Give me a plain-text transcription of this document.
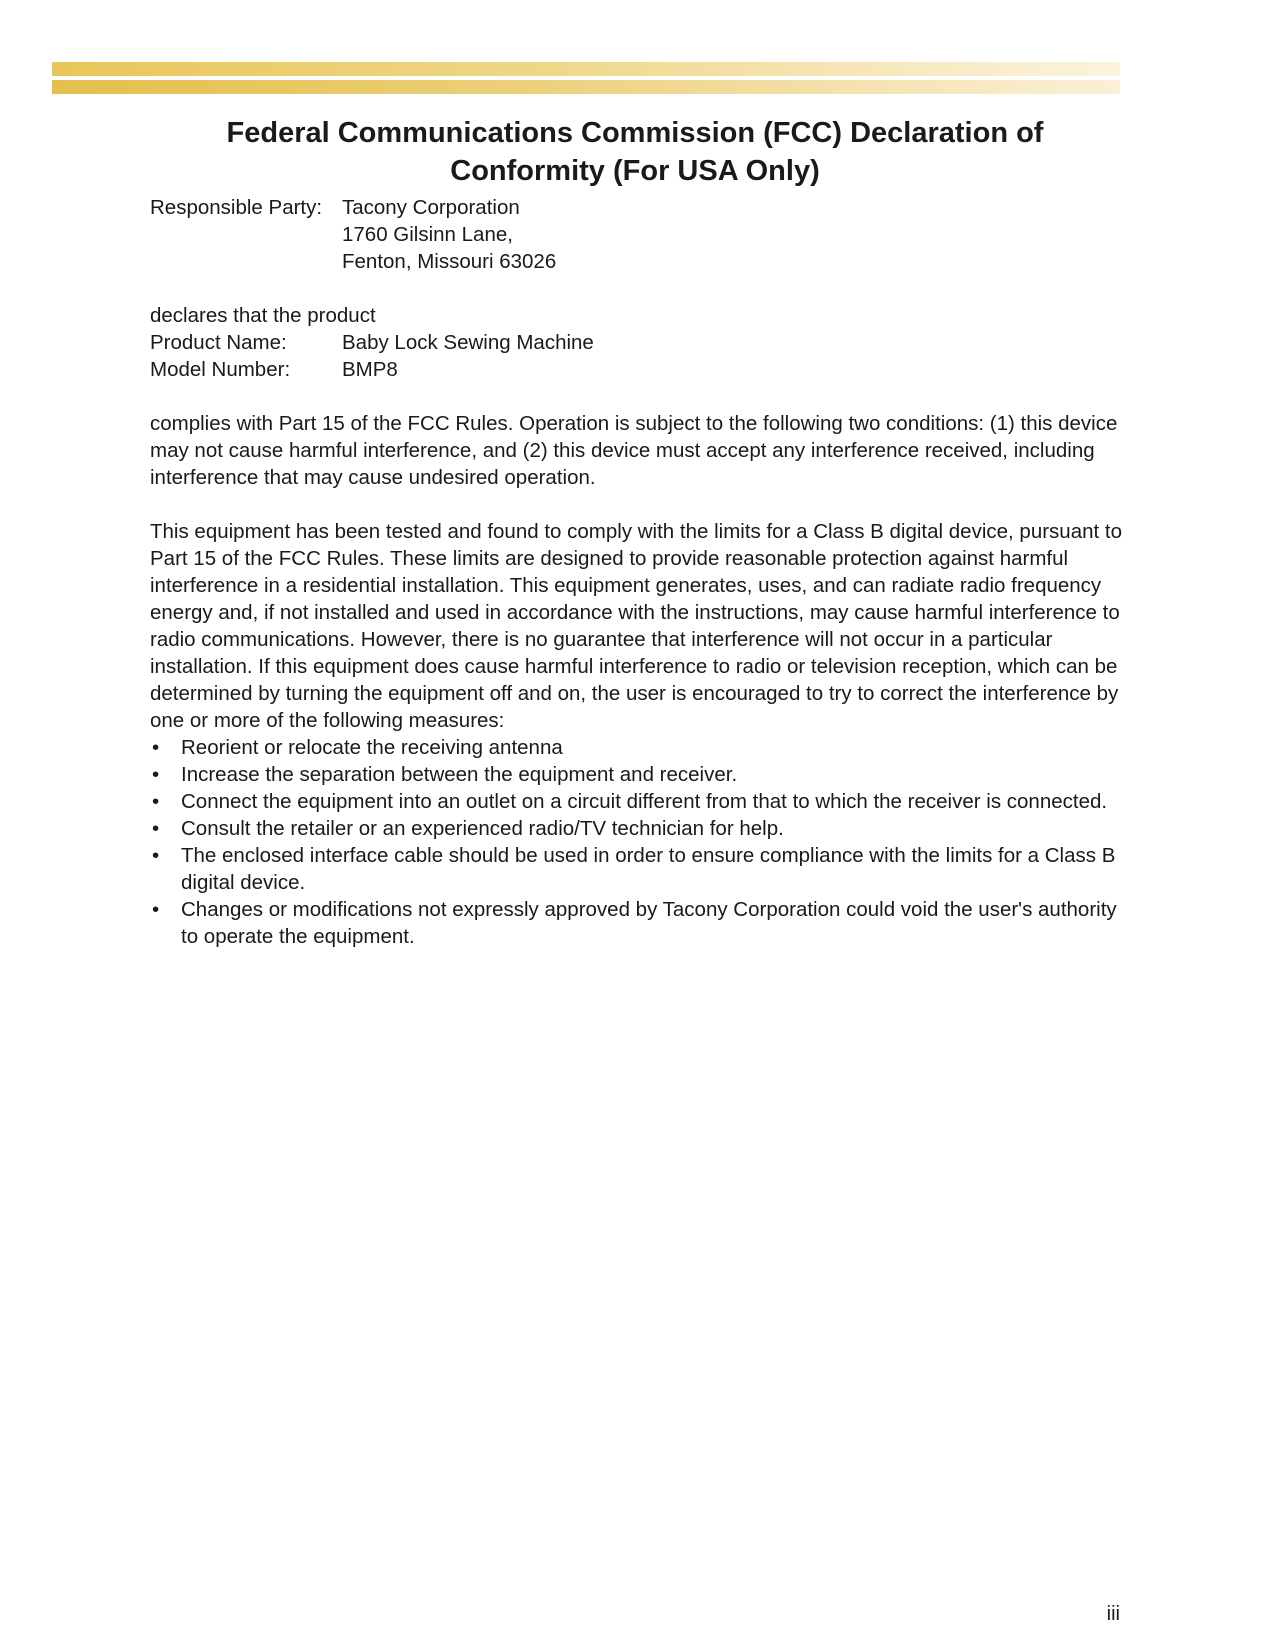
Federal Communications Commission (FCC) Declaration of Conformity (For USA Only)
Responsible Party: Tacony Corporation
1760 Gilsinn Lane,
Fenton, Missouri 63026
declares that the product
Product Name:	Baby Lock Sewing Machine
Model Number:	BMP8

complies with Part 15 of the FCC Rules. Operation is subject to the following two conditions: (1) this device may not cause harmful interference, and (2) this device must accept any interference received, including interference that may cause undesired operation.

This equipment has been tested and found to comply with the limits for a Class B digital device, pursuant to Part 15 of the FCC Rules. These limits are designed to provide reasonable protection against harmful interference in a residential installation. This equipment generates, uses, and can radiate radio frequency energy and, if not installed and used in accordance with the instructions, may cause harmful interference to radio communications. However, there is no guarantee that interference will not occur in a particular installation. If this equipment does cause harmful interference to radio or television reception, which can be determined by turning the equipment off and on, the user is encouraged to try to correct the interference by one or more of the following measures:

• Reorient or relocate the receiving antenna
• Increase the separation between the equipment and receiver.
• Connect the equipment into an outlet on a circuit different from that to which the receiver is connected.
• Consult the retailer or an experienced radio/TV technician for help.
• The enclosed interface cable should be used in order to ensure compliance with the limits for a Class B digital device.
• Changes or modifications not expressly approved by Tacony Corporation could void the user's authority to operate the equipment.
iii
